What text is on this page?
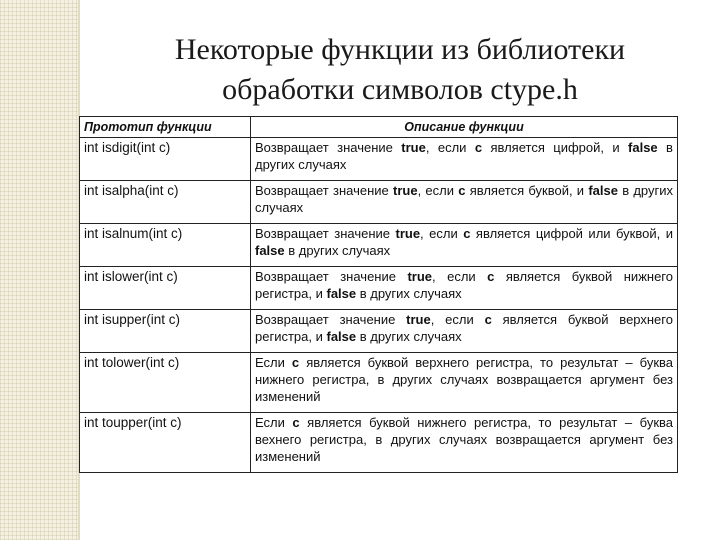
Некоторые функции из библиотеки
обработки символов ctype.h
Прототип функции	Описание функции
int isdigit(int c)	Возвращает значение true, если c является цифрой, и false в других случаях
int isalpha(int c)	Возвращает значение true, если c является буквой, и false в других случаях
int isalnum(int c)	Возвращает значение true, если c является цифрой или буквой, и false в других случаях
int islower(int c)	Возвращает значение true, если c является буквой нижнего регистра, и false в других случаях
int isupper(int c)	Возвращает значение true, если c является буквой верхнего регистра, и false в других случаях
int tolower(int c)	Если c является буквой верхнего регистра, то результат – буква нижнего регистра, в других случаях возвращается аргумент без изменений
int toupper(int c)	Если c является буквой нижнего регистра, то результат – буква вехнего регистра, в других случаях возвращается аргумент без изменений
